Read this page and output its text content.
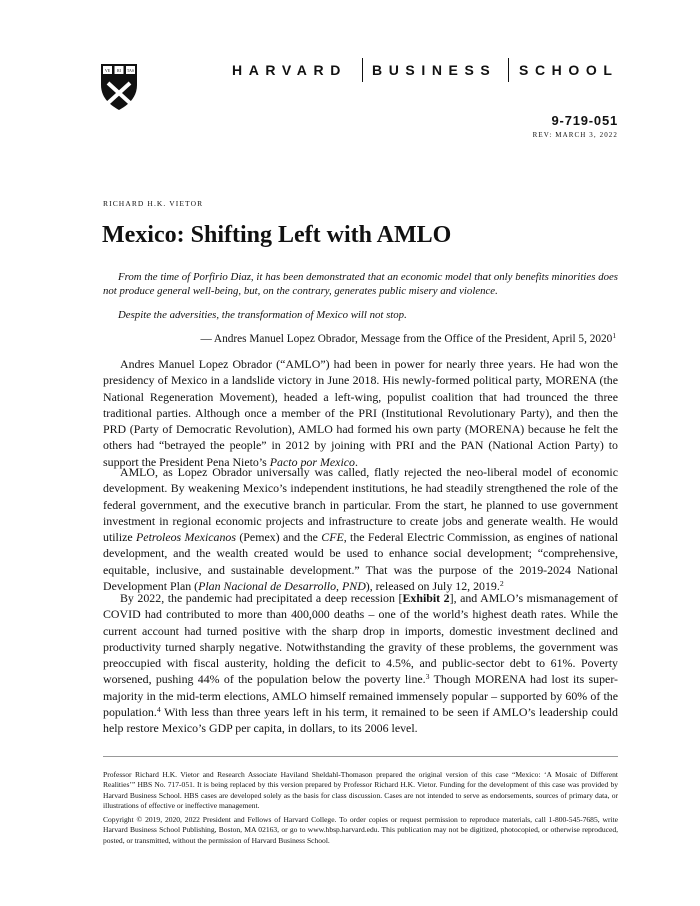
VE RI TAS	HARVARD BUSINESS SCHOOL
9-719-051
REV: MARCH 3, 2022
RICHARD H.K. VIETOR
Mexico: Shifting Left with AMLO

From the time of Porfirio Diaz, it has been demonstrated that an economic model that only benefits minorities does not produce general well-being, but, on the contrary, generates public misery and violence.

Despite the adversities, the transformation of Mexico will not stop.

— Andres Manuel Lopez Obrador, Message from the Office of the President, April 5, 2020$^1$

Andres Manuel Lopez Obrador (“AMLO”) had been in power for nearly three years. He had won the presidency of Mexico in a landslide victory in June 2018. His newly-formed political party, MORENA (the National Regeneration Movement), headed a left-wing, populist coalition that had trounced the three traditional parties. Although once a member of the PRI (Institutional Revolutionary Party), and then the PRD (Party of Democratic Revolution), AMLO had formed his own party (MORENA) because he felt the others had “betrayed the people” in 2012 by joining with PRI and the PAN (National Action Party) to support the President Pena Nieto’s Pacto por Mexico.

AMLO, as Lopez Obrador universally was called, flatly rejected the neo-liberal model of economic development. By weakening Mexico’s independent institutions, he had steadily strengthened the role of the federal government, and the executive branch in particular. From the start, he planned to use government investment in regional economic projects and infrastructure to create jobs and generate wealth. He would utilize Petroleos Mexicanos (Pemex) and the CFE, the Federal Electric Commission, as engines of national development, and the wealth created would be used to enhance social development; “comprehensive, equitable, inclusive, and sustainable development.” That was the purpose of the 2019-2024 National Development Plan (Plan Nacional de Desarrollo, PND), released on July 12, 2019.$^2$

By 2022, the pandemic had precipitated a deep recession [Exhibit 2], and AMLO’s mismanagement of COVID had contributed to more than 400,000 deaths – one of the world’s highest death rates. While the current account had turned positive with the sharp drop in imports, domestic investment declined and productivity turned sharply negative. Notwithstanding the gravity of these problems, the government was preoccupied with fiscal austerity, holding the deficit to 4.5%, and public-sector debt to 61%. Poverty worsened, pushing 44% of the population below the poverty line.$^3$ Though MORENA had lost its super-majority in the mid-term elections, AMLO himself remained immensely popular – supported by 60% of the population.$^4$ With less than three years left in his term, it remained to be seen if AMLO’s leadership could help restore Mexico’s GDP per capita, in dollars, to its 2006 level.

Professor Richard H.K. Vietor and Research Associate Haviland Sheldahl-Thomason prepared the original version of this case “Mexico: ‘A Mosaic of Different Realities’” HBS No. 717-051. It is being replaced by this version prepared by Professor Richard H.K. Vietor. Funding for the development of this case was provided by Harvard Business School. HBS cases are developed solely as the basis for class discussion. Cases are not intended to serve as endorsements, sources of primary data, or illustrations of effective or ineffective management.

Copyright © 2019, 2020, 2022 President and Fellows of Harvard College. To order copies or request permission to reproduce materials, call 1-800-545-7685, write Harvard Business School Publishing, Boston, MA 02163, or go to www.hbsp.harvard.edu. This publication may not be digitized, photocopied, or otherwise reproduced, posted, or transmitted, without the permission of Harvard Business School.
